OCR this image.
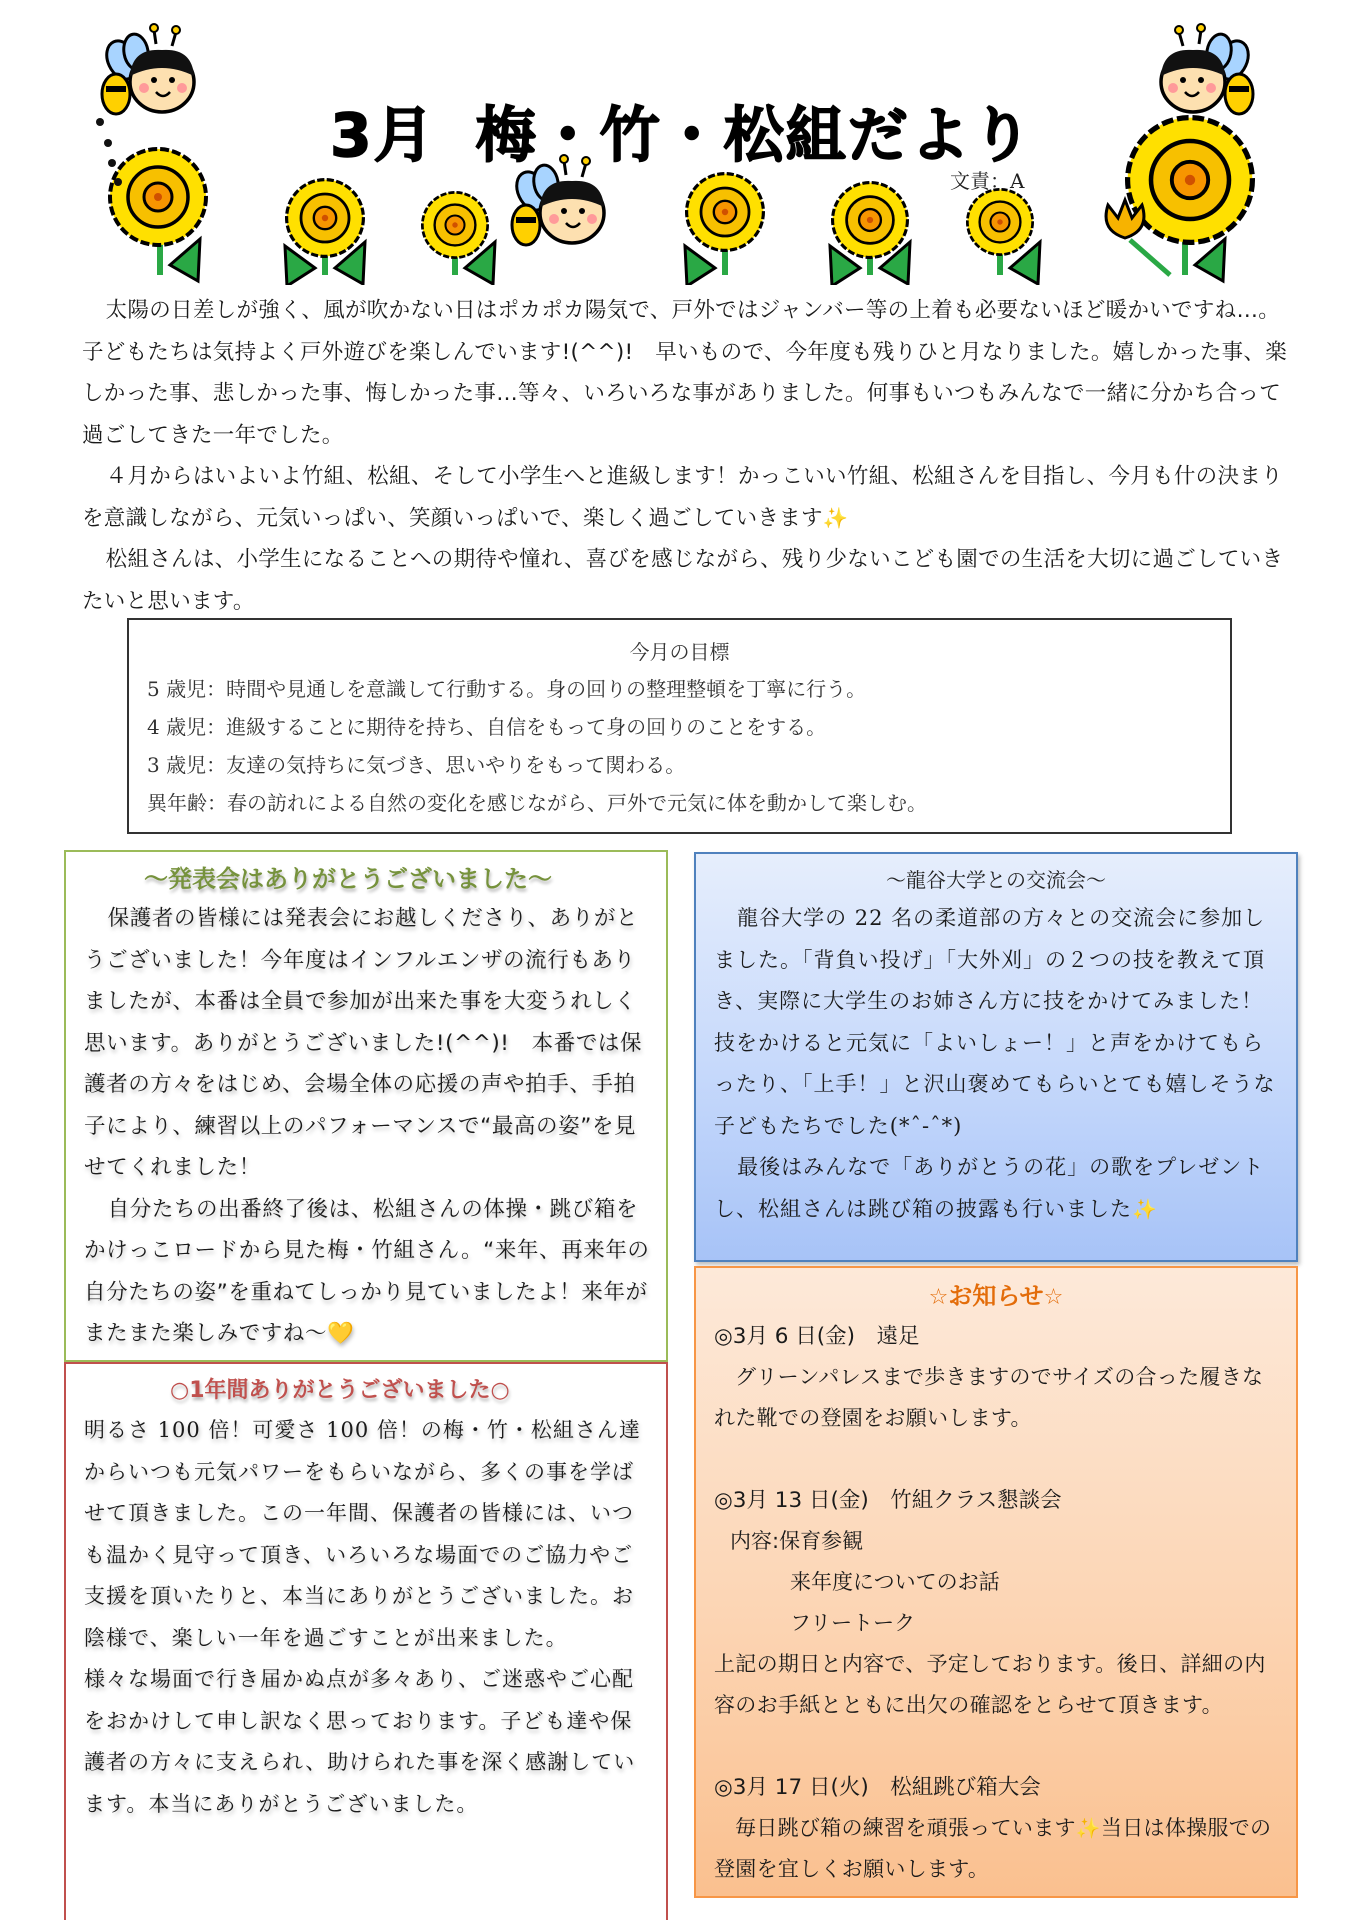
3月 梅・竹・松組だより
文責：A

太陽の日差しが強く、風が吹かない日はポカポカ陽気で、戸外ではジャンバー等の上着も必要ないほど暖かいですね…。子どもたちは気持よく戸外遊びを楽しんでいます!(^^)!　早いもので、今年度も残りひと月なりました。嬉しかった事、楽しかった事、悲しかった事、悔しかった事…等々、いろいろな事がありました。何事もいつもみんなで一緒に分かち合って過ごしてきた一年でした。

４月からはいよいよ竹組、松組、そして小学生へと進級します！かっこいい竹組、松組さんを目指し、今月も什の決まりを意識しながら、元気いっぱい、笑顔いっぱいで、楽しく過ごしていきます✨

松組さんは、小学生になることへの期待や憧れ、喜びを感じながら、残り少ないこども園での生活を大切に過ごしていきたいと思います。

今月の目標
5 歳児：時間や見通しを意識して行動する。身の回りの整理整頓を丁寧に行う。
4 歳児：進級することに期待を持ち、自信をもって身の回りのことをする。
3 歳児：友達の気持ちに気づき、思いやりをもって関わる。
異年齢：春の訪れによる自然の変化を感じながら、戸外で元気に体を動かして楽しむ。
～発表会はありがとうございました～

保護者の皆様には発表会にお越しくださり、ありがとうございました！今年度はインフルエンザの流行もありましたが、本番は全員で参加が出来た事を大変うれしく思います。ありがとうございました!(^^)!　本番では保護者の方々をはじめ、会場全体の応援の声や拍手、手拍子により、練習以上のパフォーマンスで“最高の姿”を見せてくれました！

自分たちの出番終了後は、松組さんの体操・跳び箱をかけっこロードから見た梅・竹組さん。“来年、再来年の自分たちの姿”を重ねてしっかり見ていましたよ！来年がまたまた楽しみですね～💛

○1年間ありがとうございました○

明るさ 100 倍！可愛さ 100 倍！の梅・竹・松組さん達からいつも元気パワーをもらいながら、多くの事を学ばせて頂きました。この一年間、保護者の皆様には、いつも温かく見守って頂き、いろいろな場面でのご協力やご支援を頂いたりと、本当にありがとうございました。お陰様で、楽しい一年を過ごすことが出来ました。

様々な場面で行き届かぬ点が多々あり、ご迷惑やご心配をおかけして申し訳なく思っております。子ども達や保護者の方々に支えられ、助けられた事を深く感謝しています。本当にありがとうございました。

～龍谷大学との交流会～

龍谷大学の 22 名の柔道部の方々との交流会に参加しました。「背負い投げ」「大外刈」の２つの技を教えて頂き、実際に大学生のお姉さん方に技をかけてみました！技をかけると元気に「よいしょー！」と声をかけてもらったり、「上手！」と沢山褒めてもらいとても嬉しそうな子どもたちでした(*ˆ-ˆ*)

最後はみんなで「ありがとうの花」の歌をプレゼントし、松組さんは跳び箱の披露も行いました✨

☆お知らせ☆
◎3月 6 日(金)　遠足
グリーンパレスまで歩きますのでサイズの合った履きなれた靴での登園をお願いします。
◎3月 13 日(金)　竹組クラス懇談会
内容:保育参観
来年度についてのお話
フリートーク
上記の期日と内容で、予定しております。後日、詳細の内容のお手紙とともに出欠の確認をとらせて頂きます。
◎3月 17 日(火)　松組跳び箱大会
毎日跳び箱の練習を頑張っています✨当日は体操服での登園を宜しくお願いします。
